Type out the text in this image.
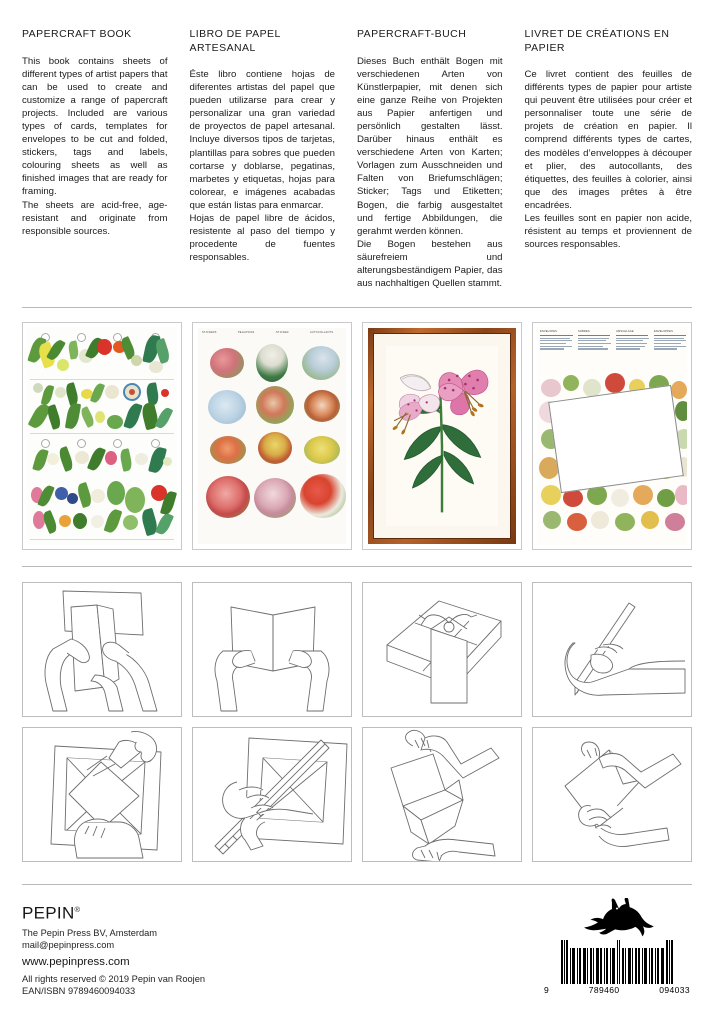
PAPERCRAFT BOOK

This book contains sheets of different types of artist papers that can be used to create and customize a range of papercraft projects. Included are various types of cards, templates for envelopes to be cut and folded, stickers, tags and labels, colouring sheets as well as finished images that are ready for framing.

The sheets are acid-free, age-resistant and originate from responsible sources.

LIBRO DE PAPEL ARTESANAL

Éste libro contiene hojas de diferentes artistas del papel que pueden utilizarse para crear y personalizar una gran variedad de proyectos de papel artesanal. Incluye diversos tipos de tarjetas, plantillas para sobres que pueden cortarse y doblarse, pegatinas, marbetes y etiquetas, hojas para colorear, e imágenes acabadas que están listas para enmarcar.

Hojas de papel libre de ácidos, resistente al paso del tiempo y procedente de fuentes responsables.

PAPERCRAFT-BUCH

Dieses Buch enthält Bogen mit verschiedenen Arten von Künstlerpapier, mit denen sich eine ganze Reihe von Projekten aus Papier anfertigen und persönlich gestalten lässt. Darüber hinaus enthält es verschiedene Arten von Karten; Vorlagen zum Ausschneiden und Falten von Briefumschlägen; Sticker; Tags und Etiketten; Bogen, die farbig ausgestaltet und fertige Abbildungen, die gerahmt werden können.

Die Bogen bestehen aus säurefreiem und alterungsbeständigem Papier, das aus nachhaltigen Quellen stammt.

LIVRET DE CRÉATIONS EN PAPIER

Ce livret contient des feuilles de différents types de papier pour artiste qui peuvent être utilisées pour créer et personnaliser toute une série de projets de création en papier. Il comprend différents types de cartes, des modèles d’enveloppes à découper et plier, des autocollants, des étiquettes, des feuilles à colorier, ainsi que des images prêtes à être encadrées.

Les feuilles sont en papier non acide, résistent au temps et proviennent de sources responsables.

STICKERS	PEGATINAS	STICKER	AUTOCOLLANTS	ENVELOPES	SOBRES	UMSCHLÄGE	ENVELOPPES
PEPIN®
The Pepin Press BV, Amsterdam
mail@pepinpress.com
www.pepinpress.com
All rights reserved © 2019 Pepin van Roojen
EAN/ISBN 9789460094033	9	789460	094033
